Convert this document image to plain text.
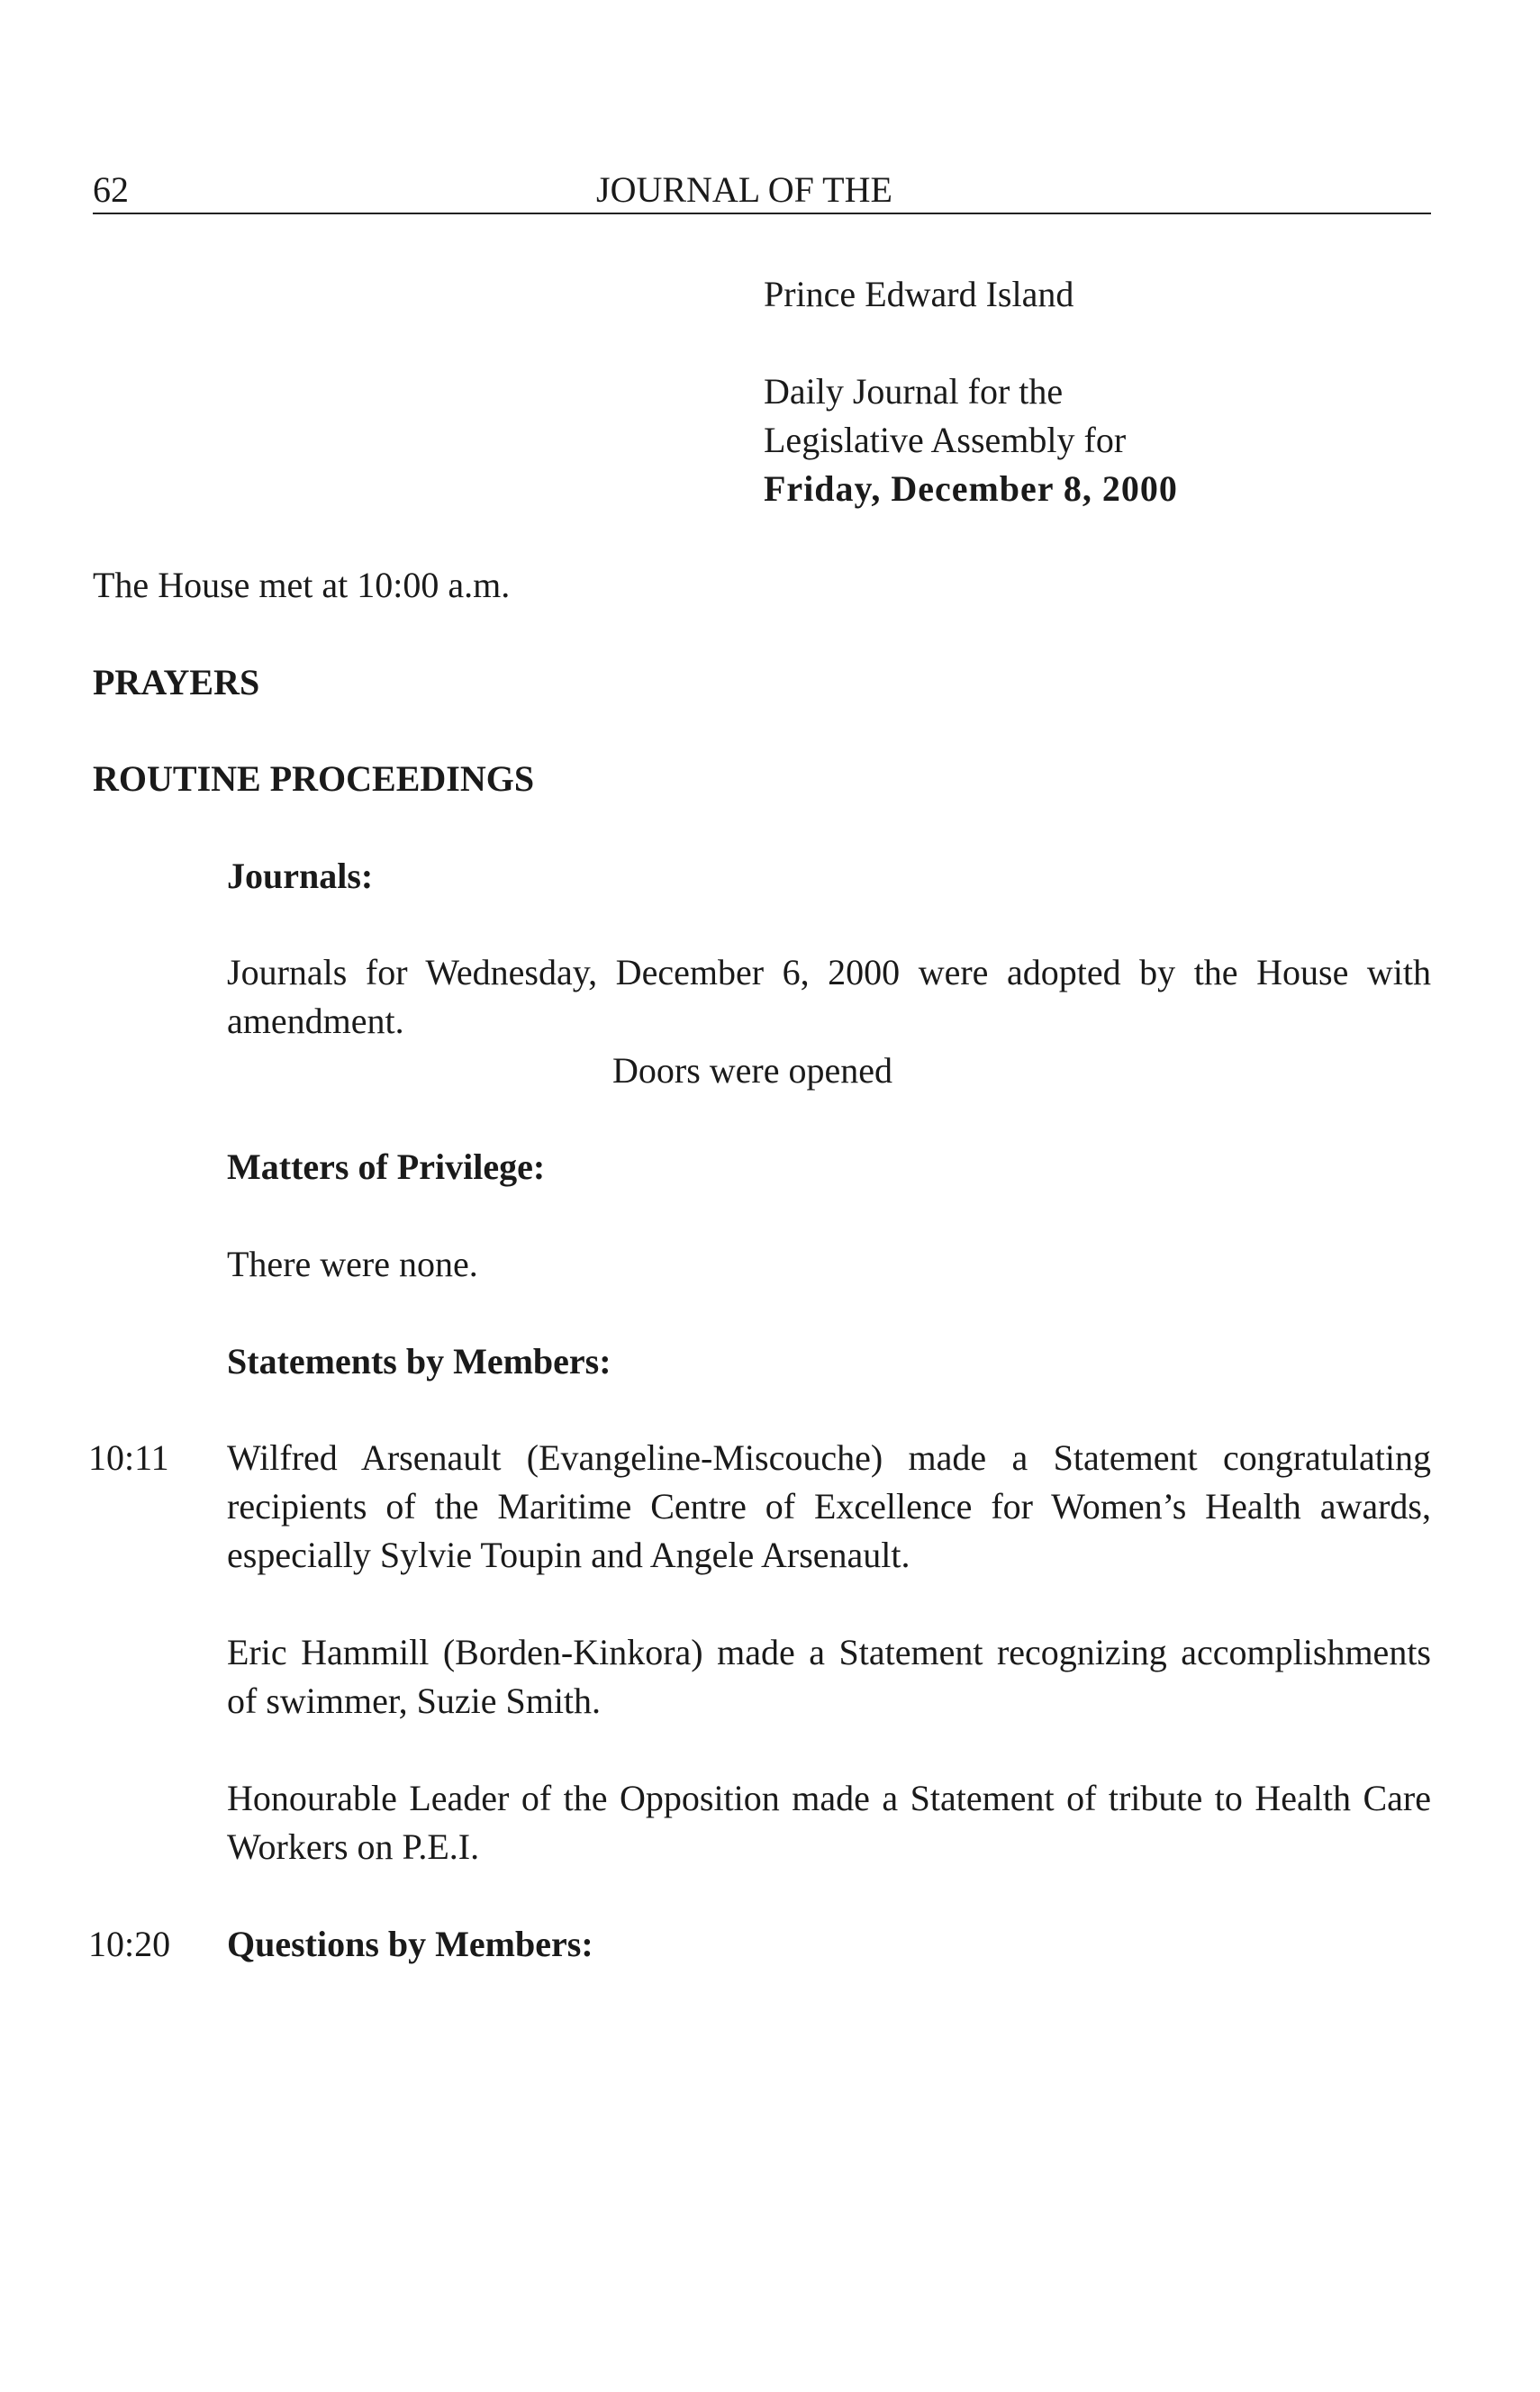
62	JOURNAL OF THE
Prince Edward Island
Daily Journal for the
Legislative Assembly for
Friday, December 8, 2000
The House met at 10:00 a.m.
PRAYERS
ROUTINE PROCEEDINGS
Journals:
Journals for Wednesday, December 6, 2000 were adopted by the House with amendment.
Doors were opened
Matters of Privilege:
There were none.
Statements by Members:
10:11 Wilfred Arsenault (Evangeline-Miscouche) made a Statement congratulating recipients of the Maritime Centre of Excellence for Women’s Health awards, especially Sylvie Toupin and Angele Arsenault.
Eric Hammill (Borden-Kinkora) made a Statement recognizing accomplishments of swimmer, Suzie Smith.
Honourable Leader of the Opposition made a Statement of tribute to Health Care Workers on P.E.I.
10:20 Questions by Members:
